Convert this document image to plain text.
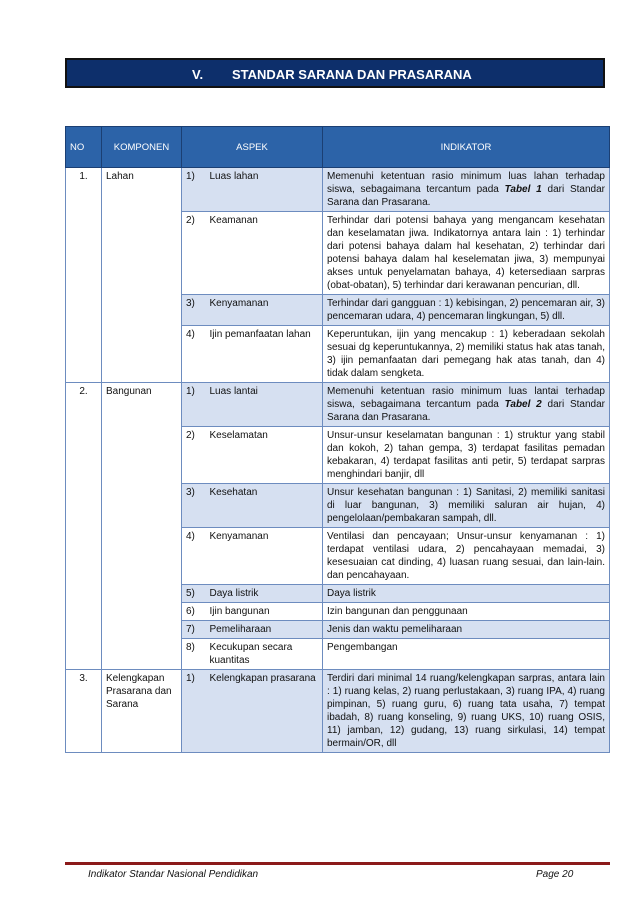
V. STANDAR SARANA DAN PRASARANA
NO	KOMPONEN	ASPEK		INDIKATOR
1.	Lahan	1)	Luas lahan	Memenuhi ketentuan rasio minimum luas lahan terhadap siswa, sebagaimana tercantum pada Tabel 1 dari Standar Sarana dan Prasarana.
		2)	Keamanan	Terhindar dari potensi bahaya yang mengancam kesehatan dan keselamatan jiwa. Indikatornya antara lain : 1) terhindar dari potensi bahaya dalam hal kesehatan, 2) terhindar dari potensi bahaya dalam hal keselematan jiwa, 3) mempunyai akses untuk penyelamatan bahaya, 4) ketersediaan sarpras (obat-obatan), 5) terhindar dari kerawanan pencurian, dll.
		3)	Kenyamanan	Terhindar dari gangguan : 1) kebisingan, 2) pencemaran air, 3) pencemaran udara, 4) pencemaran lingkungan, 5) dll.
		4)	Ijin pemanfaatan lahan	Keperuntukan, ijin yang mencakup : 1) keberadaan sekolah sesuai dg keperuntukannya, 2) memiliki status hak atas tanah, 3) ijin pemanfaatan dari pemegang hak atas tanah, dan 4) tidak dalam sengketa.
2.	Bangunan	1)	Luas lantai	Memenuhi ketentuan rasio minimum luas lantai terhadap siswa, sebagaimana tercantum pada Tabel 2 dari Standar Sarana dan Prasarana.
		2)	Keselamatan	Unsur-unsur keselamatan bangunan : 1) struktur yang stabil dan kokoh, 2) tahan gempa, 3) terdapat fasilitas pemadan kebakaran, 4) terdapat fasilitas anti petir, 5) terdapat sarpras menghindari banjir, dll
		3)	Kesehatan	Unsur kesehatan bangunan : 1) Sanitasi, 2) memiliki sanitasi di luar bangunan, 3) memiliki saluran air hujan, 4) pengelolaan/pembakaran sampah, dll.
		4)	Kenyamanan	Ventilasi dan pencayaan; Unsur-unsur kenyamanan : 1) terdapat ventilasi udara, 2) pencahayaan memadai, 3) kesesuaian cat dinding, 4) luasan ruang sesuai, dan lain-lain. dan pencahayaan.
		5)	Daya listrik	Daya listrik
		6)	Ijin bangunan	Izin bangunan dan penggunaan
		7)	Pemeliharaan	Jenis dan waktu pemeliharaan
		8)	Kecukupan secara kuantitas	Pengembangan
3.	Kelengkapan Prasarana dan Sarana	1)	Kelengkapan prasarana	Terdiri dari minimal 14 ruang/kelengkapan sarpras, antara lain : 1) ruang kelas, 2) ruang perlustakaan, 3) ruang IPA, 4) ruang pimpinan, 5) ruang guru, 6) ruang tata usaha, 7) tempat ibadah, 8) ruang konseling, 9) ruang UKS, 10) ruang OSIS, 11) jamban, 12) gudang, 13) ruang sirkulasi, 14) tempat bermain/OR, dll
Indikator Standar Nasional Pendidikan	Page 20
